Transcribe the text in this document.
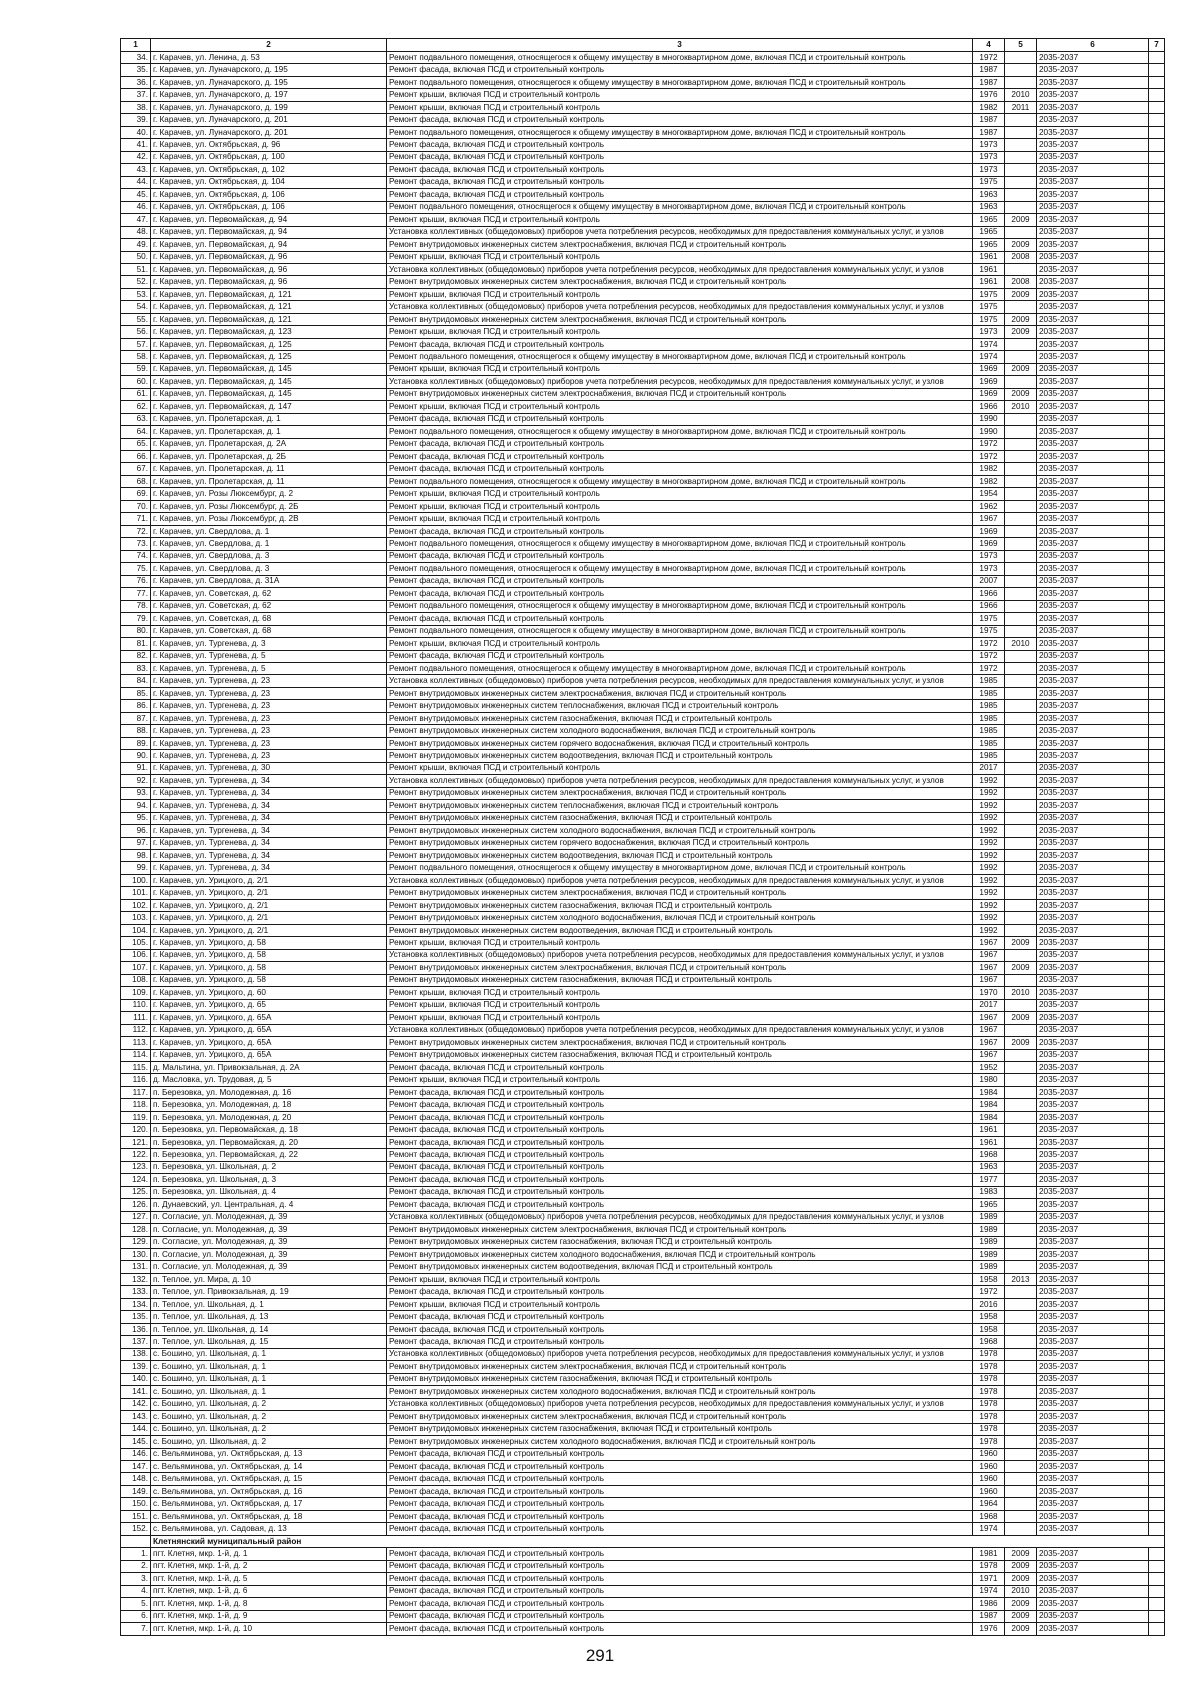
1	2	3	4	5	6	7
34.	г. Карачев, ул. Ленина, д. 53	Ремонт подвального помещения, относящегося к общему имуществу в многоквартирном доме, включая ПСД и строительный контроль	1972		2035-2037	
35.	г. Карачев, ул. Луначарского, д. 195	Ремонт фасада, включая ПСД и строительный контроль	1987		2035-2037	
36.	г. Карачев, ул. Луначарского, д. 195	Ремонт подвального помещения, относящегося к общему имуществу в многоквартирном доме, включая ПСД и строительный контроль	1987		2035-2037	
37.	г. Карачев, ул. Луначарского, д. 197	Ремонт крыши, включая ПСД и строительный контроль	1976	2010	2035-2037	
38.	г. Карачев, ул. Луначарского, д. 199	Ремонт крыши, включая ПСД и строительный контроль	1982	2011	2035-2037	
39.	г. Карачев, ул. Луначарского, д. 201	Ремонт фасада, включая ПСД и строительный контроль	1987		2035-2037	
40.	г. Карачев, ул. Луначарского, д. 201	Ремонт подвального помещения, относящегося к общему имуществу в многоквартирном доме, включая ПСД и строительный контроль	1987		2035-2037	
41.	г. Карачев, ул. Октябрьская, д. 96	Ремонт фасада, включая ПСД и строительный контроль	1973		2035-2037	
42.	г. Карачев, ул. Октябрьская, д. 100	Ремонт фасада, включая ПСД и строительный контроль	1973		2035-2037	
43.	г. Карачев, ул. Октябрьская, д. 102	Ремонт фасада, включая ПСД и строительный контроль	1973		2035-2037	
44.	г. Карачев, ул. Октябрьская, д. 104	Ремонт фасада, включая ПСД и строительный контроль	1975		2035-2037	
45.	г. Карачев, ул. Октябрьская, д. 106	Ремонт фасада, включая ПСД и строительный контроль	1963		2035-2037	
46.	г. Карачев, ул. Октябрьская, д. 106	Ремонт подвального помещения, относящегося к общему имуществу в многоквартирном доме, включая ПСД и строительный контроль	1963		2035-2037	
47.	г. Карачев, ул. Первомайская, д. 94	Ремонт крыши, включая ПСД и строительный контроль	1965	2009	2035-2037	
48.	г. Карачев, ул. Первомайская, д. 94	Установка коллективных (общедомовых) приборов учета потребления ресурсов, необходимых для предоставления коммунальных услуг, и узлов	1965		2035-2037	
49.	г. Карачев, ул. Первомайская, д. 94	Ремонт внутридомовых инженерных систем электроснабжения, включая ПСД и строительный контроль	1965	2009	2035-2037	
50.	г. Карачев, ул. Первомайская, д. 96	Ремонт крыши, включая ПСД и строительный контроль	1961	2008	2035-2037	
51.	г. Карачев, ул. Первомайская, д. 96	Установка коллективных (общедомовых) приборов учета потребления ресурсов, необходимых для предоставления коммунальных услуг, и узлов	1961		2035-2037	
52.	г. Карачев, ул. Первомайская, д. 96	Ремонт внутридомовых инженерных систем электроснабжения, включая ПСД и строительный контроль	1961	2008	2035-2037	
53.	г. Карачев, ул. Первомайская, д. 121	Ремонт крыши, включая ПСД и строительный контроль	1975	2009	2035-2037	
54.	г. Карачев, ул. Первомайская, д. 121	Установка коллективных (общедомовых) приборов учета потребления ресурсов, необходимых для предоставления коммунальных услуг, и узлов	1975		2035-2037	
55.	г. Карачев, ул. Первомайская, д. 121	Ремонт внутридомовых инженерных систем электроснабжения, включая ПСД и строительный контроль	1975	2009	2035-2037	
56.	г. Карачев, ул. Первомайская, д. 123	Ремонт крыши, включая ПСД и строительный контроль	1973	2009	2035-2037	
57.	г. Карачев, ул. Первомайская, д. 125	Ремонт фасада, включая ПСД и строительный контроль	1974		2035-2037	
58.	г. Карачев, ул. Первомайская, д. 125	Ремонт подвального помещения, относящегося к общему имуществу в многоквартирном доме, включая ПСД и строительный контроль	1974		2035-2037	
59.	г. Карачев, ул. Первомайская, д. 145	Ремонт крыши, включая ПСД и строительный контроль	1969	2009	2035-2037	
60.	г. Карачев, ул. Первомайская, д. 145	Установка коллективных (общедомовых) приборов учета потребления ресурсов, необходимых для предоставления коммунальных услуг, и узлов	1969		2035-2037	
61.	г. Карачев, ул. Первомайская, д. 145	Ремонт внутридомовых инженерных систем электроснабжения, включая ПСД и строительный контроль	1969	2009	2035-2037	
62.	г. Карачев, ул. Первомайская, д. 147	Ремонт крыши, включая ПСД и строительный контроль	1966	2010	2035-2037	
63.	г. Карачев, ул. Пролетарская, д. 1	Ремонт фасада, включая ПСД и строительный контроль	1990		2035-2037	
64.	г. Карачев, ул. Пролетарская, д. 1	Ремонт подвального помещения, относящегося к общему имуществу в многоквартирном доме, включая ПСД и строительный контроль	1990		2035-2037	
65.	г. Карачев, ул. Пролетарская, д. 2А	Ремонт фасада, включая ПСД и строительный контроль	1972		2035-2037	
66.	г. Карачев, ул. Пролетарская, д. 2Б	Ремонт фасада, включая ПСД и строительный контроль	1972		2035-2037	
67.	г. Карачев, ул. Пролетарская, д. 11	Ремонт фасада, включая ПСД и строительный контроль	1982		2035-2037	
68.	г. Карачев, ул. Пролетарская, д. 11	Ремонт подвального помещения, относящегося к общему имуществу в многоквартирном доме, включая ПСД и строительный контроль	1982		2035-2037	
69.	г. Карачев, ул. Розы Люксембург, д. 2	Ремонт крыши, включая ПСД и строительный контроль	1954		2035-2037	
70.	г. Карачев, ул. Розы Люксембург, д. 2Б	Ремонт крыши, включая ПСД и строительный контроль	1962		2035-2037	
71.	г. Карачев, ул. Розы Люксембург, д. 2В	Ремонт крыши, включая ПСД и строительный контроль	1967		2035-2037	
72.	г. Карачев, ул. Свердлова, д. 1	Ремонт фасада, включая ПСД и строительный контроль	1969		2035-2037	
73.	г. Карачев, ул. Свердлова, д. 1	Ремонт подвального помещения, относящегося к общему имуществу в многоквартирном доме, включая ПСД и строительный контроль	1969		2035-2037	
74.	г. Карачев, ул. Свердлова, д. 3	Ремонт фасада, включая ПСД и строительный контроль	1973		2035-2037	
75.	г. Карачев, ул. Свердлова, д. 3	Ремонт подвального помещения, относящегося к общему имуществу в многоквартирном доме, включая ПСД и строительный контроль	1973		2035-2037	
76.	г. Карачев, ул. Свердлова, д. 31А	Ремонт фасада, включая ПСД и строительный контроль	2007		2035-2037	
77.	г. Карачев, ул. Советская, д. 62	Ремонт фасада, включая ПСД и строительный контроль	1966		2035-2037	
78.	г. Карачев, ул. Советская, д. 62	Ремонт подвального помещения, относящегося к общему имуществу в многоквартирном доме, включая ПСД и строительный контроль	1966		2035-2037	
79.	г. Карачев, ул. Советская, д. 68	Ремонт фасада, включая ПСД и строительный контроль	1975		2035-2037	
80.	г. Карачев, ул. Советская, д. 68	Ремонт подвального помещения, относящегося к общему имуществу в многоквартирном доме, включая ПСД и строительный контроль	1975		2035-2037	
81.	г. Карачев, ул. Тургенева, д. 3	Ремонт крыши, включая ПСД и строительный контроль	1972	2010	2035-2037	
82.	г. Карачев, ул. Тургенева, д. 5	Ремонт фасада, включая ПСД и строительный контроль	1972		2035-2037	
83.	г. Карачев, ул. Тургенева, д. 5	Ремонт подвального помещения, относящегося к общему имуществу в многоквартирном доме, включая ПСД и строительный контроль	1972		2035-2037	
84.	г. Карачев, ул. Тургенева, д. 23	Установка коллективных (общедомовых) приборов учета потребления ресурсов, необходимых для предоставления коммунальных услуг, и узлов	1985		2035-2037	
85.	г. Карачев, ул. Тургенева, д. 23	Ремонт внутридомовых инженерных систем электроснабжения, включая ПСД и строительный контроль	1985		2035-2037	
86.	г. Карачев, ул. Тургенева, д. 23	Ремонт внутридомовых инженерных систем теплоснабжения, включая ПСД и строительный контроль	1985		2035-2037	
87.	г. Карачев, ул. Тургенева, д. 23	Ремонт внутридомовых инженерных систем газоснабжения, включая ПСД и строительный контроль	1985		2035-2037	
88.	г. Карачев, ул. Тургенева, д. 23	Ремонт внутридомовых инженерных систем холодного водоснабжения, включая ПСД и строительный контроль	1985		2035-2037	
89.	г. Карачев, ул. Тургенева, д. 23	Ремонт внутридомовых инженерных систем горячего водоснабжения, включая ПСД и строительный контроль	1985		2035-2037	
90.	г. Карачев, ул. Тургенева, д. 23	Ремонт внутридомовых инженерных систем водоотведения, включая ПСД и строительный контроль	1985		2035-2037	
91.	г. Карачев, ул. Тургенева, д. 30	Ремонт крыши, включая ПСД и строительный контроль	2017		2035-2037	
92.	г. Карачев, ул. Тургенева, д. 34	Установка коллективных (общедомовых) приборов учета потребления ресурсов, необходимых для предоставления коммунальных услуг, и узлов	1992		2035-2037	
93.	г. Карачев, ул. Тургенева, д. 34	Ремонт внутридомовых инженерных систем электроснабжения, включая ПСД и строительный контроль	1992		2035-2037	
94.	г. Карачев, ул. Тургенева, д. 34	Ремонт внутридомовых инженерных систем теплоснабжения, включая ПСД и строительный контроль	1992		2035-2037	
95.	г. Карачев, ул. Тургенева, д. 34	Ремонт внутридомовых инженерных систем газоснабжения, включая ПСД и строительный контроль	1992		2035-2037	
96.	г. Карачев, ул. Тургенева, д. 34	Ремонт внутридомовых инженерных систем холодного водоснабжения, включая ПСД и строительный контроль	1992		2035-2037	
97.	г. Карачев, ул. Тургенева, д. 34	Ремонт внутридомовых инженерных систем горячего водоснабжения, включая ПСД и строительный контроль	1992		2035-2037	
98.	г. Карачев, ул. Тургенева, д. 34	Ремонт внутридомовых инженерных систем водоотведения, включая ПСД и строительный контроль	1992		2035-2037	
99.	г. Карачев, ул. Тургенева, д. 34	Ремонт подвального помещения, относящегося к общему имуществу в многоквартирном доме, включая ПСД и строительный контроль	1992		2035-2037	
100.	г. Карачев, ул. Урицкого, д. 2/1	Установка коллективных (общедомовых) приборов учета потребления ресурсов, необходимых для предоставления коммунальных услуг, и узлов	1992		2035-2037	
101.	г. Карачев, ул. Урицкого, д. 2/1	Ремонт внутридомовых инженерных систем электроснабжения, включая ПСД и строительный контроль	1992		2035-2037	
102.	г. Карачев, ул. Урицкого, д. 2/1	Ремонт внутридомовых инженерных систем газоснабжения, включая ПСД и строительный контроль	1992		2035-2037	
103.	г. Карачев, ул. Урицкого, д. 2/1	Ремонт внутридомовых инженерных систем холодного водоснабжения, включая ПСД и строительный контроль	1992		2035-2037	
104.	г. Карачев, ул. Урицкого, д. 2/1	Ремонт внутридомовых инженерных систем водоотведения, включая ПСД и строительный контроль	1992		2035-2037	
105.	г. Карачев, ул. Урицкого, д. 58	Ремонт крыши, включая ПСД и строительный контроль	1967	2009	2035-2037	
106.	г. Карачев, ул. Урицкого, д. 58	Установка коллективных (общедомовых) приборов учета потребления ресурсов, необходимых для предоставления коммунальных услуг, и узлов	1967		2035-2037	
107.	г. Карачев, ул. Урицкого, д. 58	Ремонт внутридомовых инженерных систем электроснабжения, включая ПСД и строительный контроль	1967	2009	2035-2037	
108.	г. Карачев, ул. Урицкого, д. 58	Ремонт внутридомовых инженерных систем газоснабжения, включая ПСД и строительный контроль	1967		2035-2037	
109.	г. Карачев, ул. Урицкого, д. 60	Ремонт крыши, включая ПСД и строительный контроль	1970	2010	2035-2037	
110.	г. Карачев, ул. Урицкого, д. 65	Ремонт крыши, включая ПСД и строительный контроль	2017		2035-2037	
111.	г. Карачев, ул. Урицкого, д. 65А	Ремонт крыши, включая ПСД и строительный контроль	1967	2009	2035-2037	
112.	г. Карачев, ул. Урицкого, д. 65А	Установка коллективных (общедомовых) приборов учета потребления ресурсов, необходимых для предоставления коммунальных услуг, и узлов	1967		2035-2037	
113.	г. Карачев, ул. Урицкого, д. 65А	Ремонт внутридомовых инженерных систем электроснабжения, включая ПСД и строительный контроль	1967	2009	2035-2037	
114.	г. Карачев, ул. Урицкого, д. 65А	Ремонт внутридомовых инженерных систем газоснабжения, включая ПСД и строительный контроль	1967		2035-2037	
115.	д. Мальтина, ул. Привокзальная, д. 2А	Ремонт фасада, включая ПСД и строительный контроль	1952		2035-2037	
116.	д. Масловка, ул. Трудовая, д. 5	Ремонт крыши, включая ПСД и строительный контроль	1980		2035-2037	
117.	п. Березовка, ул. Молодежная, д. 16	Ремонт фасада, включая ПСД и строительный контроль	1984		2035-2037	
118.	п. Березовка, ул. Молодежная, д. 18	Ремонт фасада, включая ПСД и строительный контроль	1984		2035-2037	
119.	п. Березовка, ул. Молодежная, д. 20	Ремонт фасада, включая ПСД и строительный контроль	1984		2035-2037	
120.	п. Березовка, ул. Первомайская, д. 18	Ремонт фасада, включая ПСД и строительный контроль	1961		2035-2037	
121.	п. Березовка, ул. Первомайская, д. 20	Ремонт фасада, включая ПСД и строительный контроль	1961		2035-2037	
122.	п. Березовка, ул. Первомайская, д. 22	Ремонт фасада, включая ПСД и строительный контроль	1968		2035-2037	
123.	п. Березовка, ул. Школьная, д. 2	Ремонт фасада, включая ПСД и строительный контроль	1963		2035-2037	
124.	п. Березовка, ул. Школьная, д. 3	Ремонт фасада, включая ПСД и строительный контроль	1977		2035-2037	
125.	п. Березовка, ул. Школьная, д. 4	Ремонт фасада, включая ПСД и строительный контроль	1983		2035-2037	
126.	п. Дунаевский, ул. Центральная, д. 4	Ремонт фасада, включая ПСД и строительный контроль	1965		2035-2037	
127.	п. Согласие, ул. Молодежная, д. 39	Установка коллективных (общедомовых) приборов учета потребления ресурсов, необходимых для предоставления коммунальных услуг, и узлов	1989		2035-2037	
128.	п. Согласие, ул. Молодежная, д. 39	Ремонт внутридомовых инженерных систем электроснабжения, включая ПСД и строительный контроль	1989		2035-2037	
129.	п. Согласие, ул. Молодежная, д. 39	Ремонт внутридомовых инженерных систем газоснабжения, включая ПСД и строительный контроль	1989		2035-2037	
130.	п. Согласие, ул. Молодежная, д. 39	Ремонт внутридомовых инженерных систем холодного водоснабжения, включая ПСД и строительный контроль	1989		2035-2037	
131.	п. Согласие, ул. Молодежная, д. 39	Ремонт внутридомовых инженерных систем водоотведения, включая ПСД и строительный контроль	1989		2035-2037	
132.	п. Теплое, ул. Мира, д. 10	Ремонт крыши, включая ПСД и строительный контроль	1958	2013	2035-2037	
133.	п. Теплое, ул. Привокзальная, д. 19	Ремонт фасада, включая ПСД и строительный контроль	1972		2035-2037	
134.	п. Теплое, ул. Школьная, д. 1	Ремонт крыши, включая ПСД и строительный контроль	2016		2035-2037	
135.	п. Теплое, ул. Школьная, д. 13	Ремонт фасада, включая ПСД и строительный контроль	1958		2035-2037	
136.	п. Теплое, ул. Школьная, д. 14	Ремонт фасада, включая ПСД и строительный контроль	1958		2035-2037	
137.	п. Теплое, ул. Школьная, д. 15	Ремонт фасада, включая ПСД и строительный контроль	1968		2035-2037	
138.	с. Бошино, ул. Школьная, д. 1	Установка коллективных (общедомовых) приборов учета потребления ресурсов, необходимых для предоставления коммунальных услуг, и узлов	1978		2035-2037	
139.	с. Бошино, ул. Школьная, д. 1	Ремонт внутридомовых инженерных систем электроснабжения, включая ПСД и строительный контроль	1978		2035-2037	
140.	с. Бошино, ул. Школьная, д. 1	Ремонт внутридомовых инженерных систем газоснабжения, включая ПСД и строительный контроль	1978		2035-2037	
141.	с. Бошино, ул. Школьная, д. 1	Ремонт внутридомовых инженерных систем холодного водоснабжения, включая ПСД и строительный контроль	1978		2035-2037	
142.	с. Бошино, ул. Школьная, д. 2	Установка коллективных (общедомовых) приборов учета потребления ресурсов, необходимых для предоставления коммунальных услуг, и узлов	1978		2035-2037	
143.	с. Бошино, ул. Школьная, д. 2	Ремонт внутридомовых инженерных систем электроснабжения, включая ПСД и строительный контроль	1978		2035-2037	
144.	с. Бошино, ул. Школьная, д. 2	Ремонт внутридомовых инженерных систем газоснабжения, включая ПСД и строительный контроль	1978		2035-2037	
145.	с. Бошино, ул. Школьная, д. 2	Ремонт внутридомовых инженерных систем холодного водоснабжения, включая ПСД и строительный контроль	1978		2035-2037	
146.	с. Вельяминова, ул. Октябрьская, д. 13	Ремонт фасада, включая ПСД и строительный контроль	1960		2035-2037	
147.	с. Вельяминова, ул. Октябрьская, д. 14	Ремонт фасада, включая ПСД и строительный контроль	1960		2035-2037	
148.	с. Вельяминова, ул. Октябрьская, д. 15	Ремонт фасада, включая ПСД и строительный контроль	1960		2035-2037	
149.	с. Вельяминова, ул. Октябрьская, д. 16	Ремонт фасада, включая ПСД и строительный контроль	1960		2035-2037	
150.	с. Вельяминова, ул. Октябрьская, д. 17	Ремонт фасада, включая ПСД и строительный контроль	1964		2035-2037	
151.	с. Вельяминова, ул. Октябрьская, д. 18	Ремонт фасада, включая ПСД и строительный контроль	1968		2035-2037	
152.	с. Вельяминова, ул. Садовая, д. 13	Ремонт фасада, включая ПСД и строительный контроль	1974		2035-2037	
	Клетнянский муниципальный район					
1.	пгт. Клетня, мкр. 1-й, д. 1	Ремонт фасада, включая ПСД и строительный контроль	1981	2009	2035-2037	
2.	пгт. Клетня, мкр. 1-й, д. 2	Ремонт фасада, включая ПСД и строительный контроль	1978	2009	2035-2037	
3.	пгт. Клетня, мкр. 1-й, д. 5	Ремонт фасада, включая ПСД и строительный контроль	1971	2009	2035-2037	
4.	пгт. Клетня, мкр. 1-й, д. 6	Ремонт фасада, включая ПСД и строительный контроль	1974	2010	2035-2037	
5.	пгт. Клетня, мкр. 1-й, д. 8	Ремонт фасада, включая ПСД и строительный контроль	1986	2009	2035-2037	
6.	пгт. Клетня, мкр. 1-й, д. 9	Ремонт фасада, включая ПСД и строительный контроль	1987	2009	2035-2037	
7.	пгт. Клетня, мкр. 1-й, д. 10	Ремонт фасада, включая ПСД и строительный контроль	1976	2009	2035-2037	
291
